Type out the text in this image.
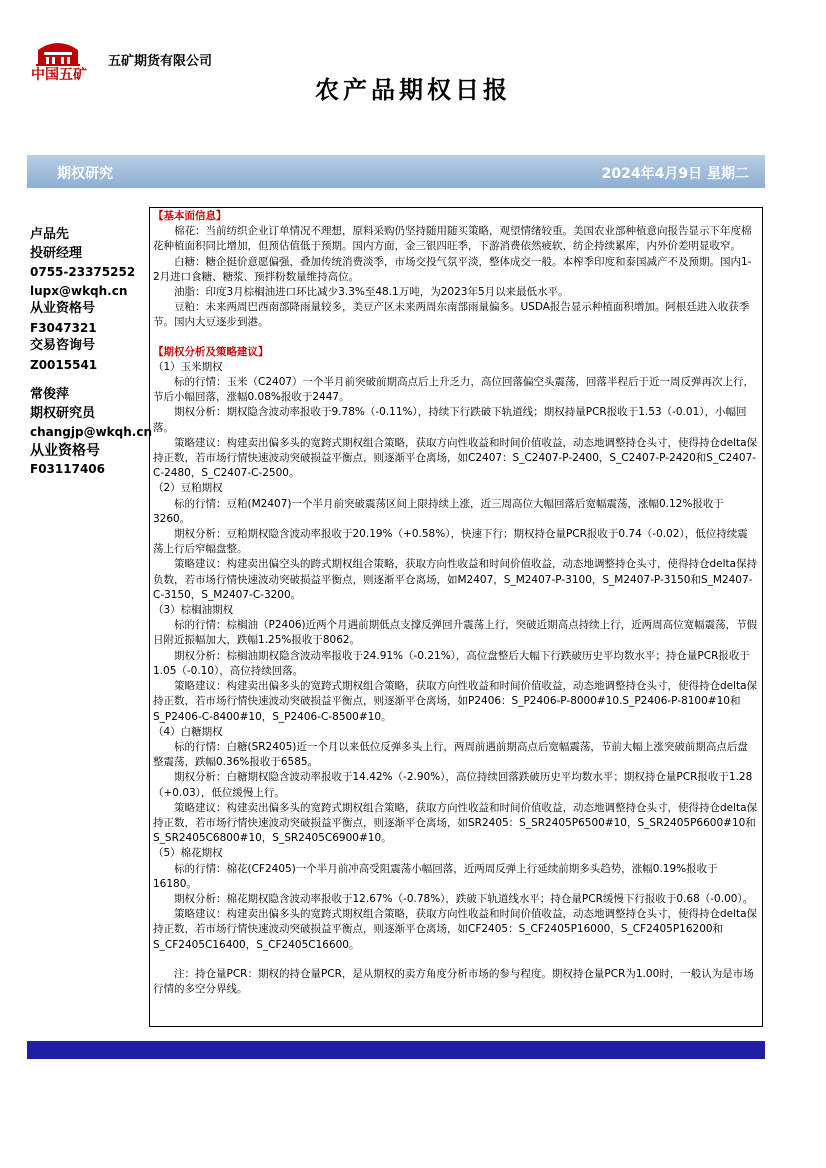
中国五矿
五矿期货有限公司
农产品期权日报
期权研究	2024年4月9日 星期二
卢品先
投研经理
0755-23375252
lupx@wkqh.cn
从业资格号
F3047321
交易咨询号
Z0015541
常俊萍
期权研究员
changjp@wkqh.cn
从业资格号
F03117406

【基本面信息】

棉花：当前纺织企业订单情况不理想，原料采购仍坚持随用随买策略，观望情绪较重。美国农业部种植意向报告显示下年度棉花种植面积同比增加，但预估值低于预期。国内方面，金三银四旺季，下游消费依然疲软，纺企持续累库，内外价差明显收窄。

白糖：糖企挺价意愿偏强，叠加传统消费淡季，市场交投气氛平淡，整体成交一般。本榨季印度和泰国减产不及预期。国内1-2月进口食糖、糖浆、预拌粉数量维持高位。

油脂：印度3月棕榈油进口环比减少3.3%至48.1万吨，为2023年5月以来最低水平。

豆粕：未来两周巴西南部降雨量较多，美豆产区未来两周东南部雨量偏多。USDA报告显示种植面积增加。阿根廷进入收获季节。国内大豆逐步到港。

【期权分析及策略建议】

（1）玉米期权

标的行情：玉米（C2407）一个半月前突破前期高点后上升乏力，高位回落偏空头震荡，回落半程后于近一周反弹再次上行，节后小幅回落，涨幅0.08%报收于2447。

期权分析：期权隐含波动率报收于9.78%（-0.11%），持续下行跌破下轨道线；期权持量PCR报收于1.53（-0.01），小幅回落。

策略建议：构建卖出偏多头的宽跨式期权组合策略，获取方向性收益和时间价值收益，动态地调整持仓头寸，使得持仓delta保持正数，若市场行情快速波动突破损益平衡点，则逐渐平仓离场，如C2407：S_C2407-P-2400，S_C2407-P-2420和S_C2407-C-2480，S_C2407-C-2500。

（2）豆粕期权

标的行情：豆粕(M2407)一个半月前突破震荡区间上限持续上涨，近三周高位大幅回落后宽幅震荡，涨幅0.12%报收于3260。

期权分析：豆粕期权隐含波动率报收于20.19%（+0.58%），快速下行；期权持仓量PCR报收于0.74（-0.02），低位持续震荡上行后窄幅盘整。

策略建议：构建卖出偏空头的跨式期权组合策略，获取方向性收益和时间价值收益，动态地调整持仓头寸，使得持仓delta保持负数，若市场行情快速波动突破损益平衡点，则逐渐平仓离场，如M2407，S_M2407-P-3100，S_M2407-P-3150和S_M2407-C-3150，S_M2407-C-3200。

（3）棕榈油期权

标的行情：棕榈油（P2406)近两个月遇前期低点支撑反弹回升震荡上行，突破近期高点持续上行，近两周高位宽幅震荡，节假日附近振幅加大，跌幅1.25%报收于8062。

期权分析：棕榈油期权隐含波动率报收于24.91%（-0.21%），高位盘整后大幅下行跌破历史平均数水平；持仓量PCR报收于1.05（-0.10），高位持续回落。

策略建议：构建卖出偏多头的宽跨式期权组合策略，获取方向性收益和时间价值收益，动态地调整持仓头寸，使得持仓delta保持正数，若市场行情快速波动突破损益平衡点，则逐渐平仓离场，如P2406：S_P2406-P-8000#10.S_P2406-P-8100#10和S_P2406-C-8400#10，S_P2406-C-8500#10。

（4）白糖期权

标的行情：白糖(SR2405)近一个月以来低位反弹多头上行，两周前遇前期高点后宽幅震荡，节前大幅上涨突破前期高点后盘整震荡，跌幅0.36%报收于6585。

期权分析：白糖期权隐含波动率报收于14.42%（-2.90%），高位持续回落跌破历史平均数水平；期权持仓量PCR报收于1.28（+0.03），低位缓慢上行。

策略建议：构建卖出偏多头的宽跨式期权组合策略，获取方向性收益和时间价值收益，动态地调整持仓头寸，使得持仓delta保持正数，若市场行情快速波动突破损益平衡点，则逐渐平仓离场，如SR2405：S_SR2405P6500#10，S_SR2405P6600#10和S_SR2405C6800#10，S_SR2405C6900#10。

（5）棉花期权

标的行情：棉花(CF2405)一个半月前冲高受阻震荡小幅回落，近两周反弹上行延续前期多头趋势，涨幅0.19%报收于16180。

期权分析：棉花期权隐含波动率报收于12.67%（-0.78%），跌破下轨道线水平；持仓量PCR缓慢下行报收于0.68（-0.00）。

策略建议：构建卖出偏多头的宽跨式期权组合策略，获取方向性收益和时间价值收益，动态地调整持仓头寸，使得持仓delta保持正数，若市场行情快速波动突破损益平衡点，则逐渐平仓离场，如CF2405：S_CF2405P16000，S_CF2405P16200和S_CF2405C16400，S_CF2405C16600。

注：持仓量PCR：期权的持仓量PCR，是从期权的卖方角度分析市场的参与程度。期权持仓量PCR为1.00时，一般认为是市场行情的多空分界线。
